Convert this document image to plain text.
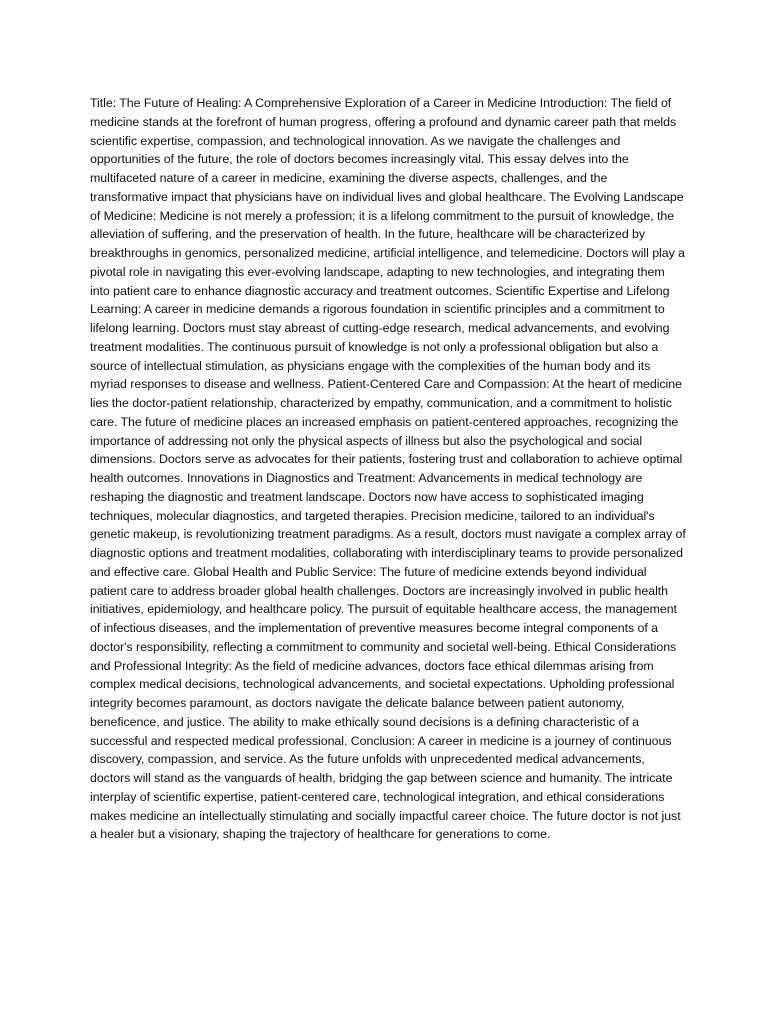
Title: The Future of Healing: A Comprehensive Exploration of a Career in Medicine Introduction: The field of medicine stands at the forefront of human progress, offering a profound and dynamic career path that melds scientific expertise, compassion, and technological innovation. As we navigate the challenges and opportunities of the future, the role of doctors becomes increasingly vital. This essay delves into the multifaceted nature of a career in medicine, examining the diverse aspects, challenges, and the transformative impact that physicians have on individual lives and global healthcare. The Evolving Landscape of Medicine: Medicine is not merely a profession; it is a lifelong commitment to the pursuit of knowledge, the alleviation of suffering, and the preservation of health. In the future, healthcare will be characterized by breakthroughs in genomics, personalized medicine, artificial intelligence, and telemedicine. Doctors will play a pivotal role in navigating this ever-evolving landscape, adapting to new technologies, and integrating them into patient care to enhance diagnostic accuracy and treatment outcomes. Scientific Expertise and Lifelong Learning: A career in medicine demands a rigorous foundation in scientific principles and a commitment to lifelong learning. Doctors must stay abreast of cutting-edge research, medical advancements, and evolving treatment modalities. The continuous pursuit of knowledge is not only a professional obligation but also a source of intellectual stimulation, as physicians engage with the complexities of the human body and its myriad responses to disease and wellness. Patient-Centered Care and Compassion: At the heart of medicine lies the doctor-patient relationship, characterized by empathy, communication, and a commitment to holistic care. The future of medicine places an increased emphasis on patient-centered approaches, recognizing the importance of addressing not only the physical aspects of illness but also the psychological and social dimensions. Doctors serve as advocates for their patients, fostering trust and collaboration to achieve optimal health outcomes. Innovations in Diagnostics and Treatment: Advancements in medical technology are reshaping the diagnostic and treatment landscape. Doctors now have access to sophisticated imaging techniques, molecular diagnostics, and targeted therapies. Precision medicine, tailored to an individual's genetic makeup, is revolutionizing treatment paradigms. As a result, doctors must navigate a complex array of diagnostic options and treatment modalities, collaborating with interdisciplinary teams to provide personalized and effective care. Global Health and Public Service: The future of medicine extends beyond individual patient care to address broader global health challenges. Doctors are increasingly involved in public health initiatives, epidemiology, and healthcare policy. The pursuit of equitable healthcare access, the management of infectious diseases, and the implementation of preventive measures become integral components of a doctor's responsibility, reflecting a commitment to community and societal well-being. Ethical Considerations and Professional Integrity: As the field of medicine advances, doctors face ethical dilemmas arising from complex medical decisions, technological advancements, and societal expectations. Upholding professional integrity becomes paramount, as doctors navigate the delicate balance between patient autonomy, beneficence, and justice. The ability to make ethically sound decisions is a defining characteristic of a successful and respected medical professional. Conclusion: A career in medicine is a journey of continuous discovery, compassion, and service. As the future unfolds with unprecedented medical advancements, doctors will stand as the vanguards of health, bridging the gap between science and humanity. The intricate interplay of scientific expertise, patient-centered care, technological integration, and ethical considerations makes medicine an intellectually stimulating and socially impactful career choice. The future doctor is not just a healer but a visionary, shaping the trajectory of healthcare for generations to come.
